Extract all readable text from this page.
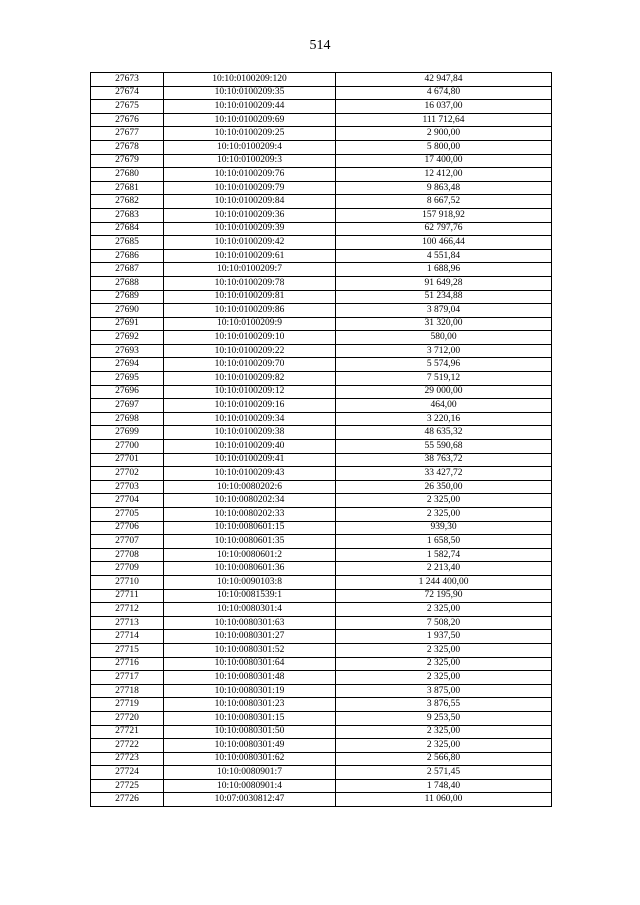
514
27673	10:10:0100209:120	42 947,84
27674	10:10:0100209:35	4 674,80
27675	10:10:0100209:44	16 037,00
27676	10:10:0100209:69	111 712,64
27677	10:10:0100209:25	2 900,00
27678	10:10:0100209:4	5 800,00
27679	10:10:0100209:3	17 400,00
27680	10:10:0100209:76	12 412,00
27681	10:10:0100209:79	9 863,48
27682	10:10:0100209:84	8 667,52
27683	10:10:0100209:36	157 918,92
27684	10:10:0100209:39	62 797,76
27685	10:10:0100209:42	100 466,44
27686	10:10:0100209:61	4 551,84
27687	10:10:0100209:7	1 688,96
27688	10:10:0100209:78	91 649,28
27689	10:10:0100209:81	51 234,88
27690	10:10:0100209:86	3 879,04
27691	10:10:0100209:9	31 320,00
27692	10:10:0100209:10	580,00
27693	10:10:0100209:22	3 712,00
27694	10:10:0100209:70	5 574,96
27695	10:10:0100209:82	7 519,12
27696	10:10:0100209:12	29 000,00
27697	10:10:0100209:16	464,00
27698	10:10:0100209:34	3 220,16
27699	10:10:0100209:38	48 635,32
27700	10:10:0100209:40	55 590,68
27701	10:10:0100209:41	38 763,72
27702	10:10:0100209:43	33 427,72
27703	10:10:0080202:6	26 350,00
27704	10:10:0080202:34	2 325,00
27705	10:10:0080202:33	2 325,00
27706	10:10:0080601:15	939,30
27707	10:10:0080601:35	1 658,50
27708	10:10:0080601:2	1 582,74
27709	10:10:0080601:36	2 213,40
27710	10:10:0090103:8	1 244 400,00
27711	10:10:0081539:1	72 195,90
27712	10:10:0080301:4	2 325,00
27713	10:10:0080301:63	7 508,20
27714	10:10:0080301:27	1 937,50
27715	10:10:0080301:52	2 325,00
27716	10:10:0080301:64	2 325,00
27717	10:10:0080301:48	2 325,00
27718	10:10:0080301:19	3 875,00
27719	10:10:0080301:23	3 876,55
27720	10:10:0080301:15	9 253,50
27721	10:10:0080301:50	2 325,00
27722	10:10:0080301:49	2 325,00
27723	10:10:0080301:62	2 566,80
27724	10:10:0080901:7	2 571,45
27725	10:10:0080901:4	1 748,40
27726	10:07:0030812:47	11 060,00
